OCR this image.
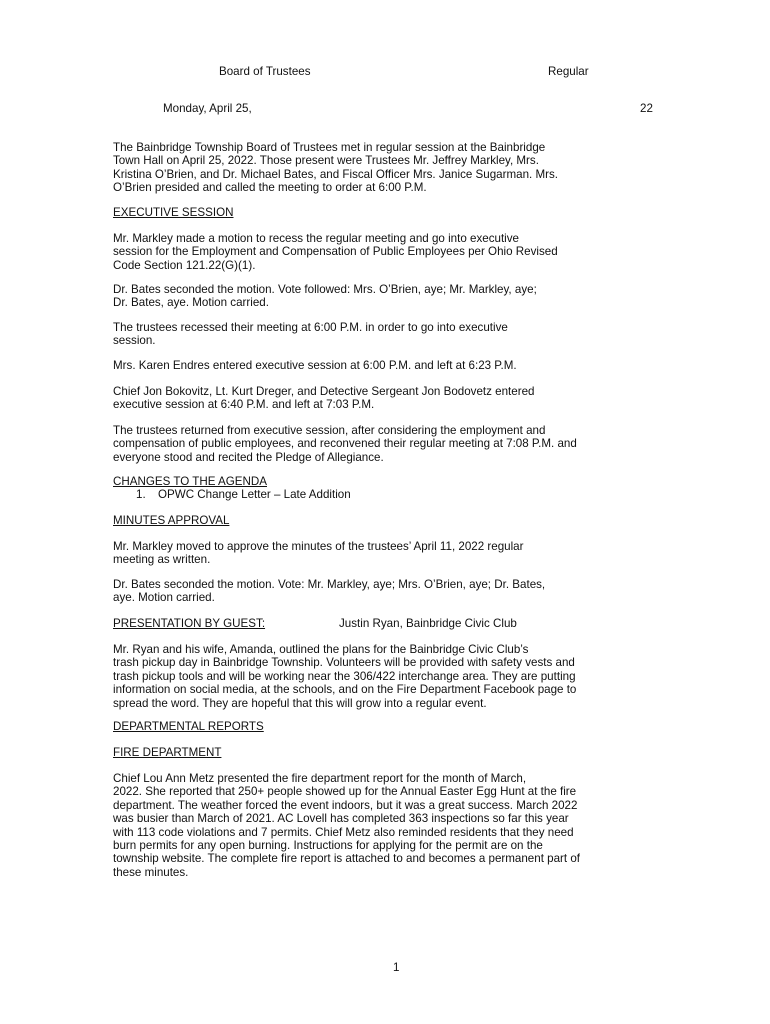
Board of Trustees	Regular

Monday, April 25,	22

The Bainbridge Township Board of Trustees met in regular session at the Bainbridge
Town Hall on April 25, 2022. Those present were Trustees Mr. Jeffrey Markley, Mrs.
Kristina O’Brien, and Dr. Michael Bates, and Fiscal Officer Mrs. Janice Sugarman. Mrs.
O’Brien presided and called the meeting to order at 6:00 P.M.

EXECUTIVE SESSION

Mr. Markley made a motion to recess the regular meeting and go into executive
session for the Employment and Compensation of Public Employees per Ohio Revised
Code Section 121.22(G)(1).

Dr. Bates seconded the motion. Vote followed: Mrs. O’Brien, aye; Mr. Markley, aye;
Dr. Bates, aye. Motion carried.

The trustees recessed their meeting at 6:00 P.M. in order to go into executive
session.

Mrs. Karen Endres entered executive session at 6:00 P.M. and left at 6:23 P.M.

Chief Jon Bokovitz, Lt. Kurt Dreger, and Detective Sergeant Jon Bodovetz entered
executive session at 6:40 P.M. and left at 7:03 P.M.

The trustees returned from executive session, after considering the employment and
compensation of public employees, and reconvened their regular meeting at 7:08 P.M. and
everyone stood and recited the Pledge of Allegiance.

CHANGES TO THE AGENDA

1. OPWC Change Letter – Late Addition

MINUTES APPROVAL

Mr. Markley moved to approve the minutes of the trustees’ April 11, 2022 regular
meeting as written.

Dr. Bates seconded the motion. Vote: Mr. Markley, aye; Mrs. O’Brien, aye; Dr. Bates,
aye. Motion carried.

PRESENTATION BY GUEST:	Justin Ryan, Bainbridge Civic Club

Mr. Ryan and his wife, Amanda, outlined the plans for the Bainbridge Civic Club’s
trash pickup day in Bainbridge Township. Volunteers will be provided with safety vests and
trash pickup tools and will be working near the 306/422 interchange area. They are putting
information on social media, at the schools, and on the Fire Department Facebook page to
spread the word. They are hopeful that this will grow into a regular event.

DEPARTMENTAL REPORTS

FIRE DEPARTMENT

Chief Lou Ann Metz presented the fire department report for the month of March,
2022. She reported that 250+ people showed up for the Annual Easter Egg Hunt at the fire
department. The weather forced the event indoors, but it was a great success. March 2022
was busier than March of 2021. AC Lovell has completed 363 inspections so far this year
with 113 code violations and 7 permits. Chief Metz also reminded residents that they need
burn permits for any open burning. Instructions for applying for the permit are on the
township website. The complete fire report is attached to and becomes a permanent part of
these minutes.

1
